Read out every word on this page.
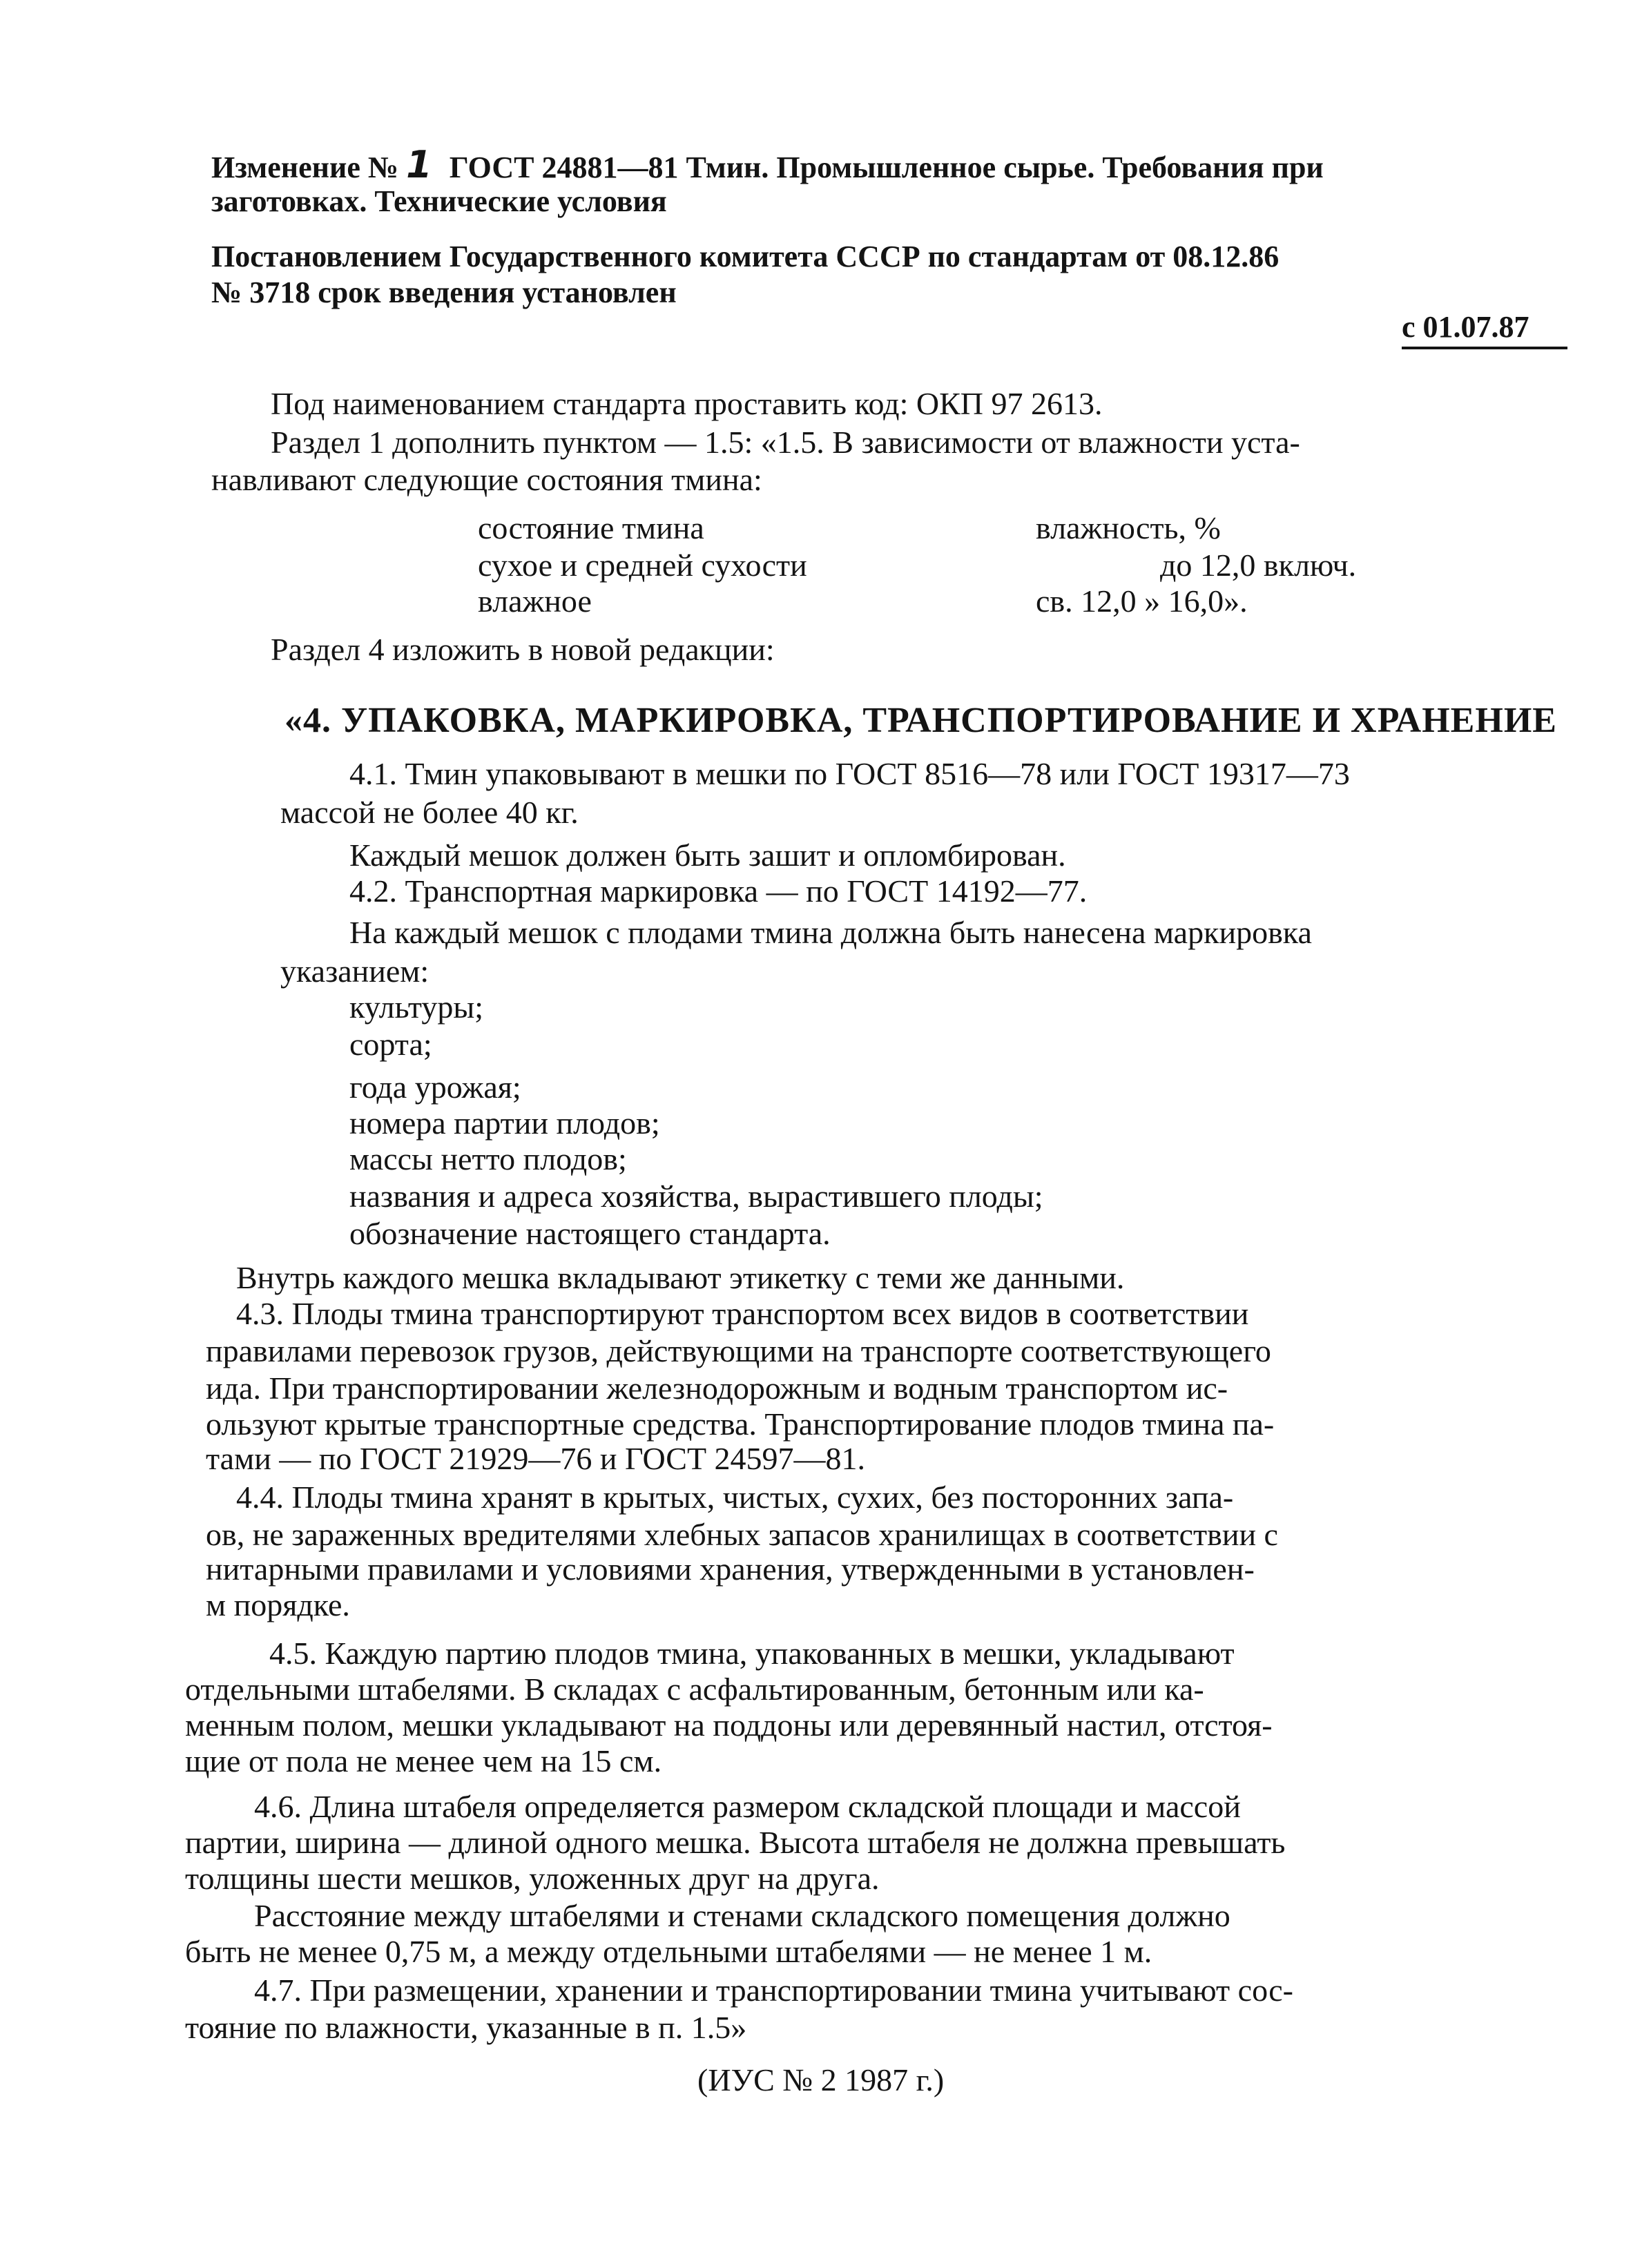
Изменение № 1 ГОСТ 24881—81 Тмин. Промышленное сырье. Требования при
заготовках. Технические условия
Постановлением Государственного комитета СССР по стандартам от 08.12.86
№ 3718 срок введения установлен
с 01.07.87
Под наименованием стандарта проставить код: ОКП 97 2613.
Раздел 1 дополнить пунктом — 1.5: «1.5. В зависимости от влажности уста-
навливают следующие состояния тмина:
состояние тмина	влажность, %
сухое и средней сухости	до 12,0 включ.
влажное	св. 12,0 » 16,0».
Раздел 4 изложить в новой редакции:
«4. УПАКОВКА, МАРКИРОВКА, ТРАНСПОРТИРОВАНИЕ И ХРАНЕНИЕ
4.1. Тмин упаковывают в мешки по ГОСТ 8516—78 или ГОСТ 19317—73
массой не более 40 кг.
Каждый мешок должен быть зашит и опломбирован.
4.2. Транспортная маркировка — по ГОСТ 14192—77.
На каждый мешок с плодами тмина должна быть нанесена маркировка
указанием:
культуры;
сорта;
года урожая;
номера партии плодов;
массы нетто плодов;
названия и адреса хозяйства, вырастившего плоды;
обозначение настоящего стандарта.
Внутрь каждого мешка вкладывают этикетку с теми же данными.
4.3. Плоды тмина транспортируют транспортом всех видов в соответствии
правилами перевозок грузов, действующими на транспорте соответствующего
ида. При транспортировании железнодорожным и водным транспортом ис-
ользуют крытые транспортные средства. Транспортирование плодов тмина па-
тами — по ГОСТ 21929—76 и ГОСТ 24597—81.
4.4. Плоды тмина хранят в крытых, чистых, сухих, без посторонних запа-
ов, не зараженных вредителями хлебных запасов хранилищах в соответствии с
нитарными правилами и условиями хранения, утвержденными в установлен-
м порядке.
4.5. Каждую партию плодов тмина, упакованных в мешки, укладывают
отдельными штабелями. В складах с асфальтированным, бетонным или ка-
менным полом, мешки укладывают на поддоны или деревянный настил, отстоя-
щие от пола не менее чем на 15 см.
4.6. Длина штабеля определяется размером складской площади и массой
партии, ширина — длиной одного мешка. Высота штабеля не должна превышать
толщины шести мешков, уложенных друг на друга.
Расстояние между штабелями и стенами складского помещения должно
быть не менее 0,75 м, а между отдельными штабелями — не менее 1 м.
4.7. При размещении, хранении и транспортировании тмина учитывают сос-
тояние по влажности, указанные в п. 1.5»
(ИУС № 2 1987 г.)
